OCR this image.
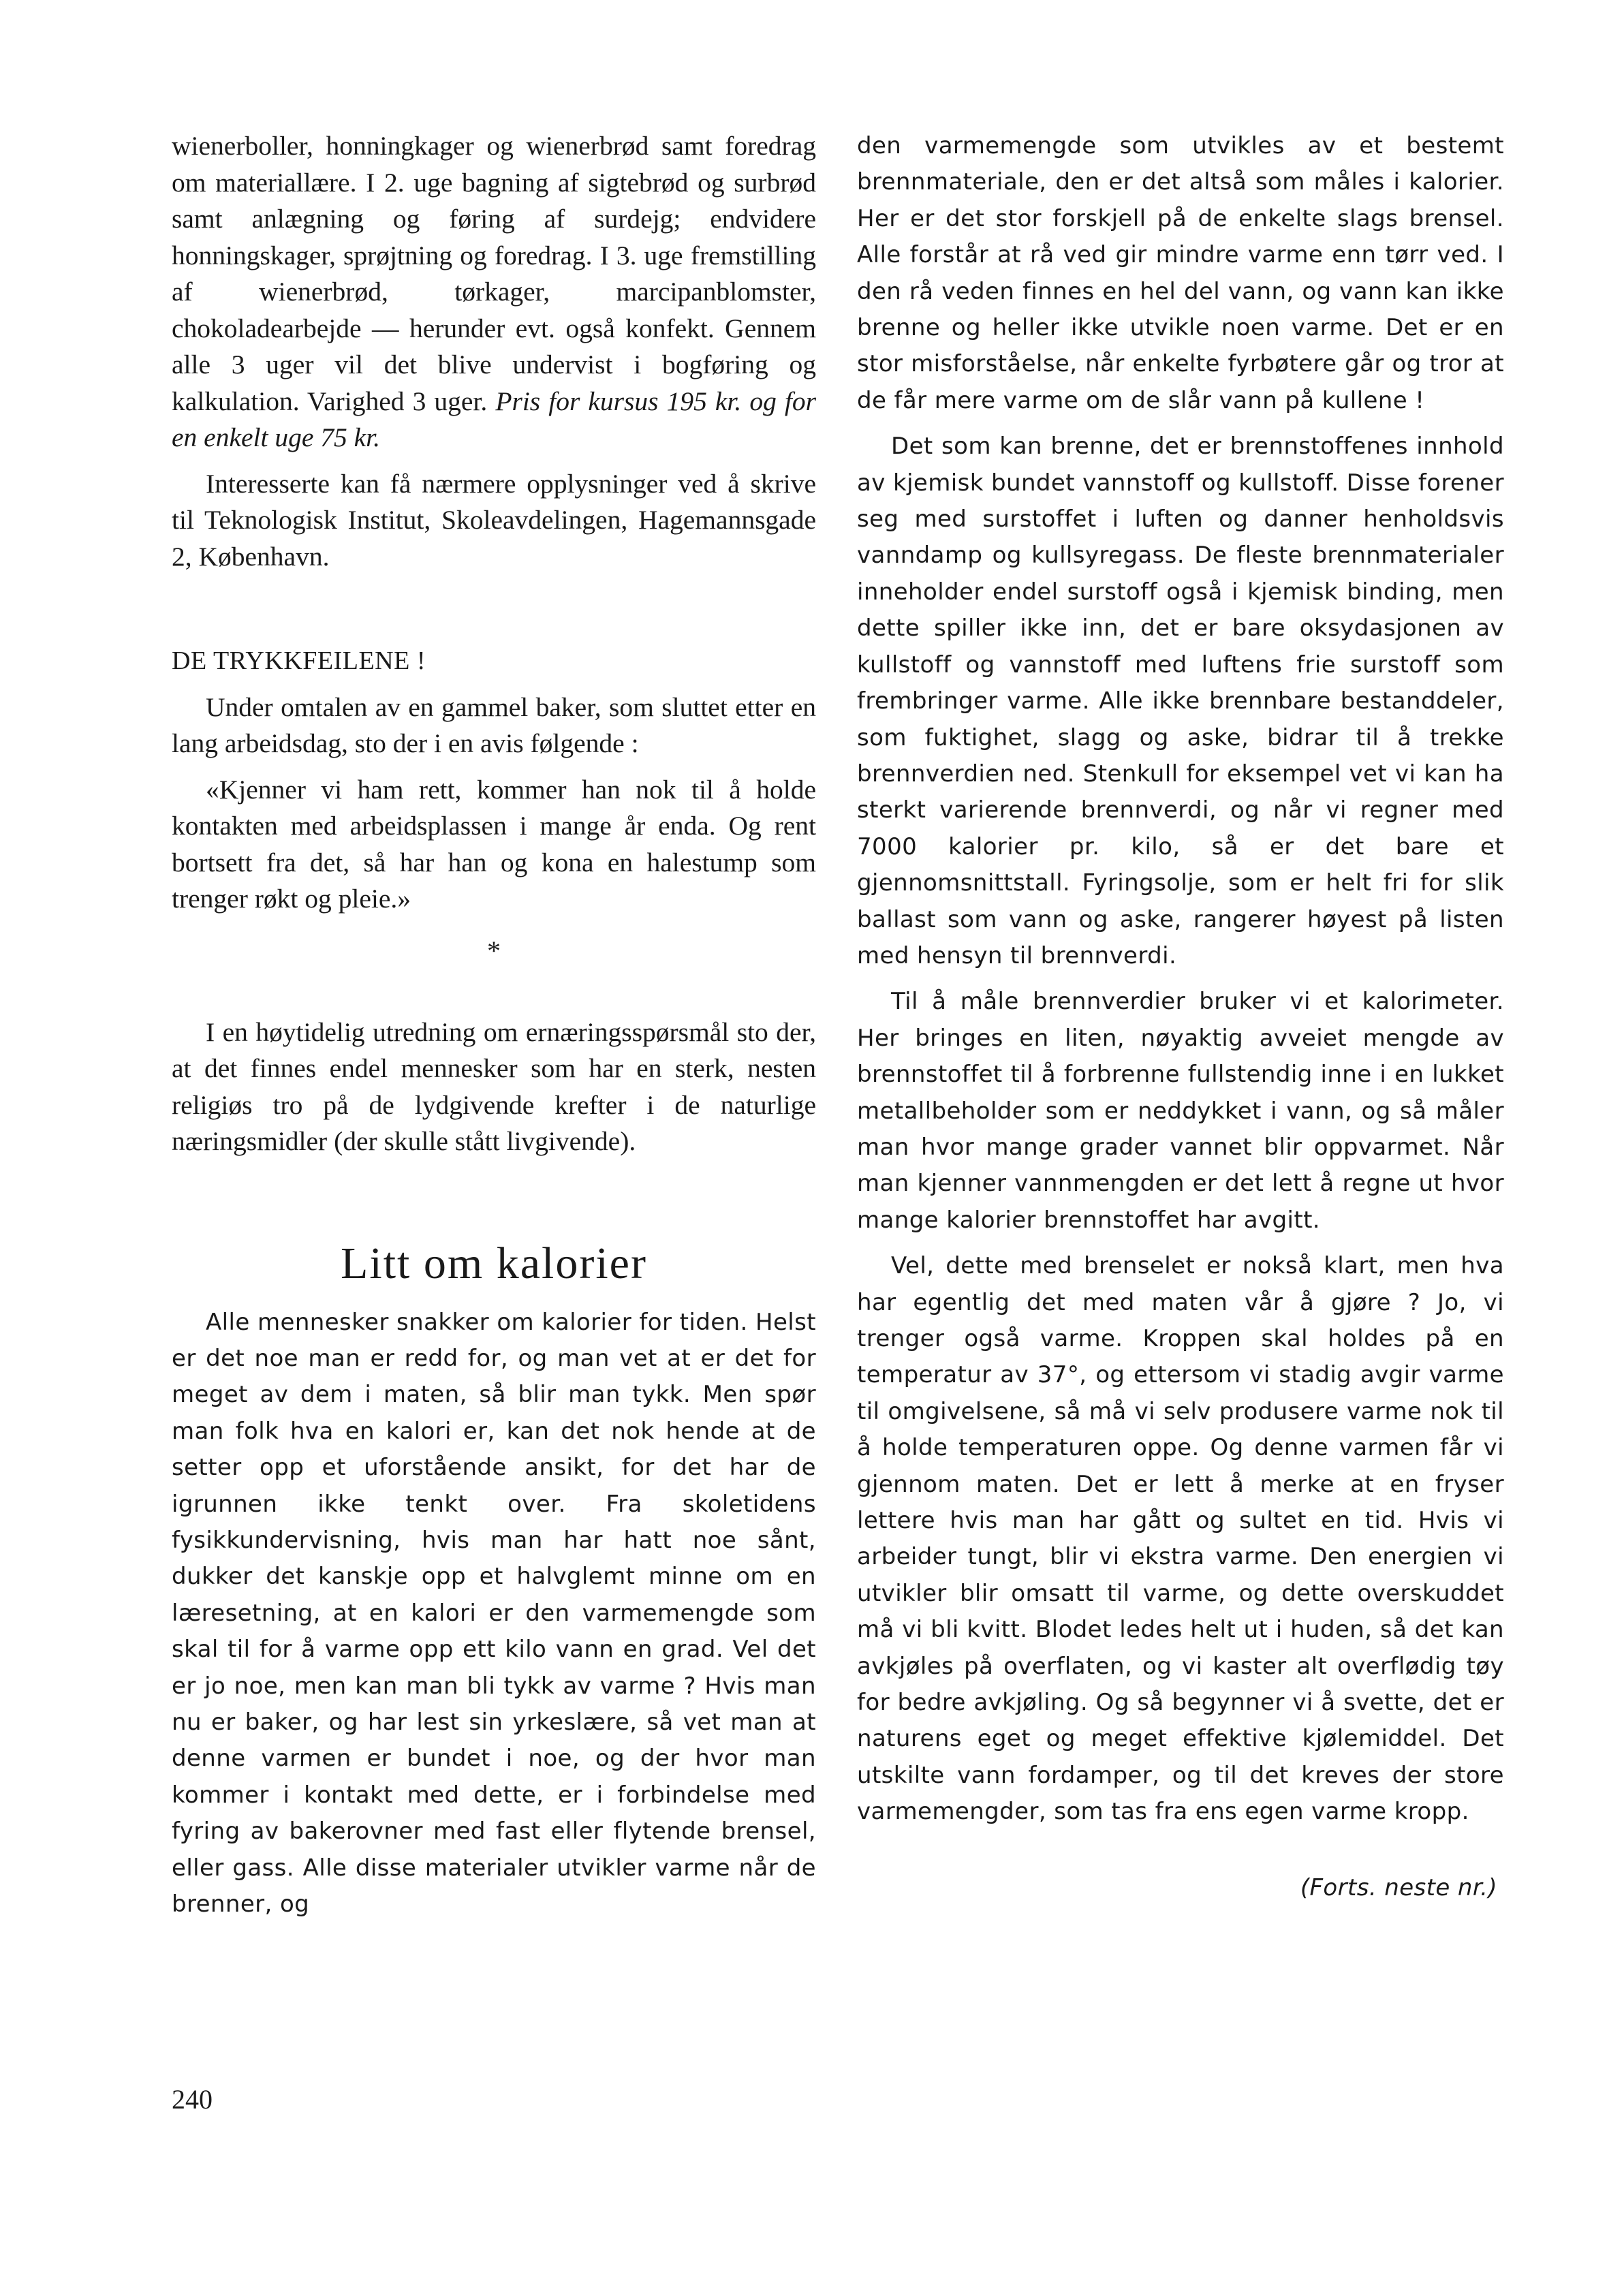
wienerboller, honningkager og wienerbrød samt foredrag om materiallære. I 2. uge bagning af sigtebrød og surbrød samt anlægning og føring af surdejg; endvidere honningskager, sprøjtning og foredrag. I 3. uge fremstilling af wienerbrød, tørkager, marcipanblomster, chokoladearbejde — herunder evt. også konfekt. Gennem alle 3 uger vil det blive undervist i bogføring og kalkulation. Varighed 3 uger. Pris for kursus 195 kr. og for en enkelt uge 75 kr.

Interesserte kan få nærmere opplysninger ved å skrive til Teknologisk Institut, Skoleavdelingen, Hagemannsgade 2, København.

DE TRYKKFEILENE !

Under omtalen av en gammel baker, som sluttet etter en lang arbeidsdag, sto der i en avis følgende :

«Kjenner vi ham rett, kommer han nok til å holde kontakten med arbeidsplassen i mange år enda. Og rent bortsett fra det, så har han og kona en halestump som trenger røkt og pleie.»

*

I en høytidelig utredning om ernæringsspørsmål sto der, at det finnes endel mennesker som har en sterk, nesten religiøs tro på de lydgivende krefter i de naturlige næringsmidler (der skulle stått livgivende).

Litt om kalorier

Alle mennesker snakker om kalorier for tiden. Helst er det noe man er redd for, og man vet at er det for meget av dem i maten, så blir man tykk. Men spør man folk hva en kalori er, kan det nok hende at de setter opp et uforstående ansikt, for det har de igrunnen ikke tenkt over. Fra skoletidens fysikkundervisning, hvis man har hatt noe sånt, dukker det kanskje opp et halvglemt minne om en læresetning, at en kalori er den varmemengde som skal til for å varme opp ett kilo vann en grad. Vel det er jo noe, men kan man bli tykk av varme ? Hvis man nu er baker, og har lest sin yrkeslære, så vet man at denne varmen er bundet i noe, og der hvor man kommer i kontakt med dette, er i forbindelse med fyring av bakerovner med fast eller flytende brensel, eller gass. Alle disse materialer utvikler varme når de brenner, og

den varmemengde som utvikles av et bestemt brennmateriale, den er det altså som måles i kalorier. Her er det stor forskjell på de enkelte slags brensel. Alle forstår at rå ved gir mindre varme enn tørr ved. I den rå veden finnes en hel del vann, og vann kan ikke brenne og heller ikke utvikle noen varme. Det er en stor misforståelse, når enkelte fyrbøtere går og tror at de får mere varme om de slår vann på kullene !

Det som kan brenne, det er brennstoffenes innhold av kjemisk bundet vannstoff og kullstoff. Disse forener seg med surstoffet i luften og danner henholdsvis vanndamp og kullsyregass. De fleste brennmaterialer inneholder endel surstoff også i kjemisk binding, men dette spiller ikke inn, det er bare oksydasjonen av kullstoff og vannstoff med luftens frie surstoff som frembringer varme. Alle ikke brennbare bestanddeler, som fuktighet, slagg og aske, bidrar til å trekke brennverdien ned. Stenkull for eksempel vet vi kan ha sterkt varierende brennverdi, og når vi regner med 7000 kalorier pr. kilo, så er det bare et gjennomsnittstall. Fyringsolje, som er helt fri for slik ballast som vann og aske, rangerer høyest på listen med hensyn til brennverdi.

Til å måle brennverdier bruker vi et kalorimeter. Her bringes en liten, nøyaktig avveiet mengde av brennstoffet til å forbrenne fullstendig inne i en lukket metallbeholder som er neddykket i vann, og så måler man hvor mange grader vannet blir oppvarmet. Når man kjenner vannmengden er det lett å regne ut hvor mange kalorier brennstoffet har avgitt.

Vel, dette med brenselet er nokså klart, men hva har egentlig det med maten vår å gjøre ? Jo, vi trenger også varme. Kroppen skal holdes på en temperatur av 37°, og ettersom vi stadig avgir varme til omgivelsene, så må vi selv produsere varme nok til å holde temperaturen oppe. Og denne varmen får vi gjennom maten. Det er lett å merke at en fryser lettere hvis man har gått og sultet en tid. Hvis vi arbeider tungt, blir vi ekstra varme. Den energien vi utvikler blir omsatt til varme, og dette overskuddet må vi bli kvitt. Blodet ledes helt ut i huden, så det kan avkjøles på overflaten, og vi kaster alt overflødig tøy for bedre avkjøling. Og så begynner vi å svette, det er naturens eget og meget effektive kjølemiddel. Det utskilte vann fordamper, og til det kreves der store varmemengder, som tas fra ens egen varme kropp.

(Forts. neste nr.)

240
